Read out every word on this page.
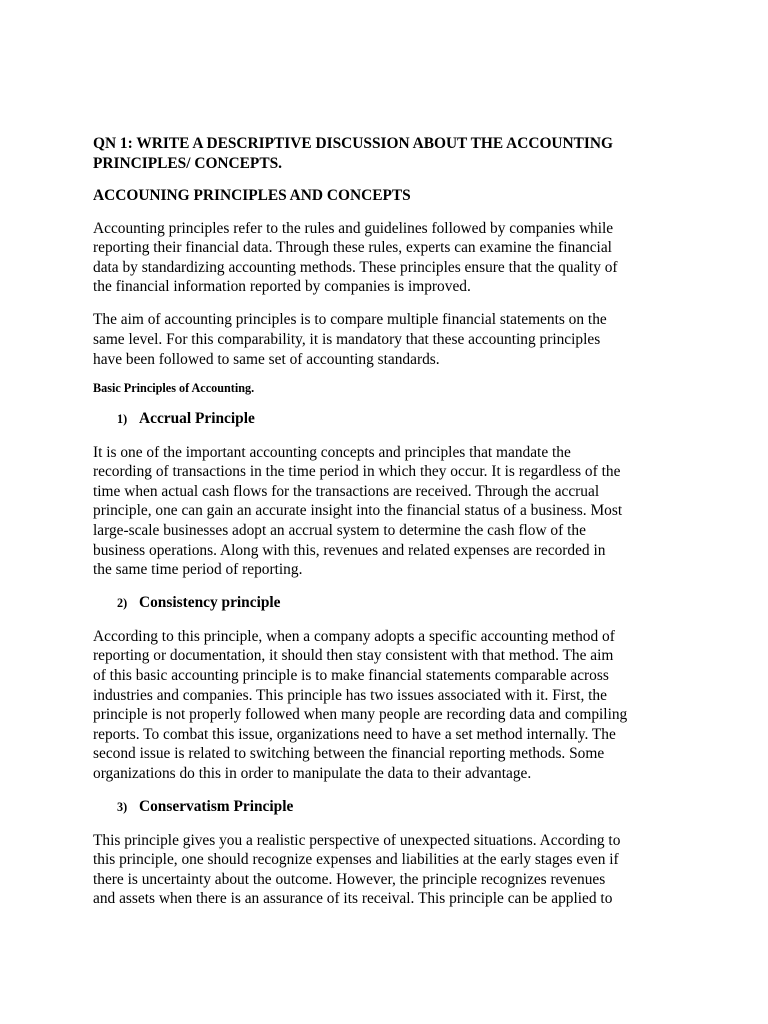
QN 1: WRITE A DESCRIPTIVE DISCUSSION ABOUT THE ACCOUNTING
PRINCIPLES/ CONCEPTS.
ACCOUNING PRINCIPLES AND CONCEPTS

Accounting principles refer to the rules and guidelines followed by companies while
reporting their financial data. Through these rules, experts can examine the financial
data by standardizing accounting methods. These principles ensure that the quality of
the financial information reported by companies is improved.

The aim of accounting principles is to compare multiple financial statements on the
same level. For this comparability, it is mandatory that these accounting principles
have been followed to same set of accounting standards.

Basic Principles of Accounting.
1) Accrual Principle

It is one of the important accounting concepts and principles that mandate the
recording of transactions in the time period in which they occur. It is regardless of the
time when actual cash flows for the transactions are received. Through the accrual
principle, one can gain an accurate insight into the financial status of a business. Most
large-scale businesses adopt an accrual system to determine the cash flow of the
business operations. Along with this, revenues and related expenses are recorded in
the same time period of reporting.

2) Consistency principle

According to this principle, when a company adopts a specific accounting method of
reporting or documentation, it should then stay consistent with that method. The aim
of this basic accounting principle is to make financial statements comparable across
industries and companies. This principle has two issues associated with it. First, the
principle is not properly followed when many people are recording data and compiling
reports. To combat this issue, organizations need to have a set method internally. The
second issue is related to switching between the financial reporting methods. Some
organizations do this in order to manipulate the data to their advantage.

3) Conservatism Principle

This principle gives you a realistic perspective of unexpected situations. According to
this principle, one should recognize expenses and liabilities at the early stages even if
there is uncertainty about the outcome. However, the principle recognizes revenues
and assets when there is an assurance of its receival. This principle can be applied to
